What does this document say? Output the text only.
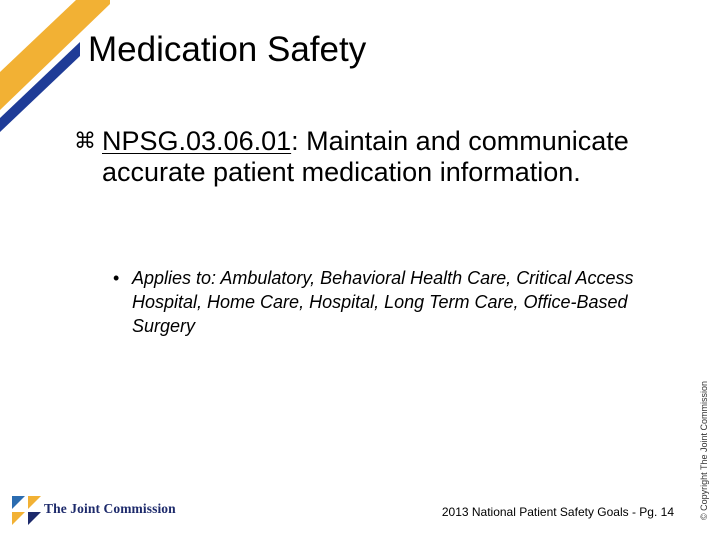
Medication Safety
⌘ NPSG.03.06.01: Maintain and communicate accurate patient medication information.
• Applies to: Ambulatory, Behavioral Health Care, Critical Access Hospital, Home Care, Hospital, Long Term Care, Office-Based Surgery
© Copyright The Joint Commission
The Joint Commission	2013 National Patient Safety Goals - Pg. 14
